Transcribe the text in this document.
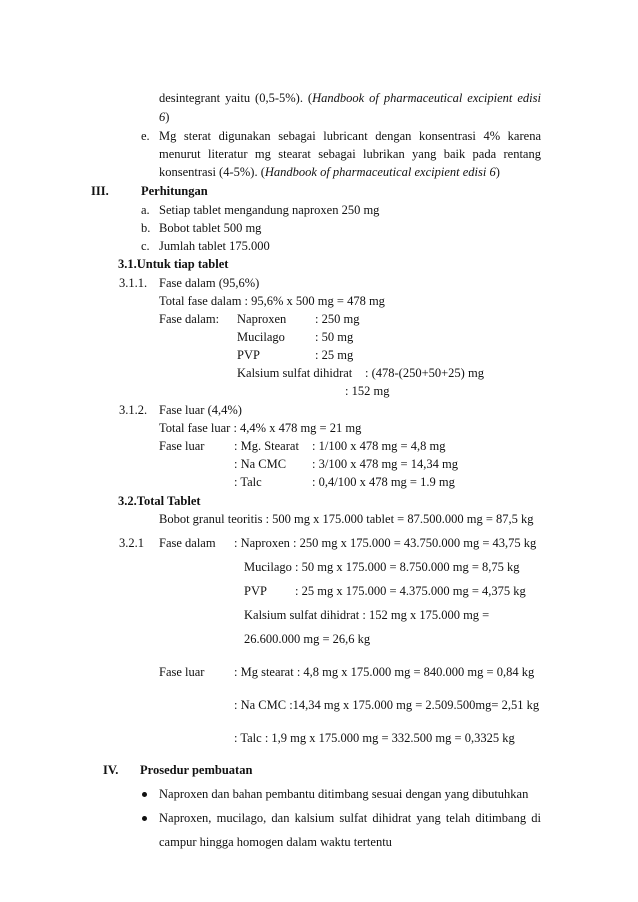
desintegrant yaitu (0,5-5%). (Handbook of pharmaceutical excipient edisi
6)
e. Mg sterat digunakan sebagai lubricant dengan konsentrasi 4% karena
menurut literatur mg stearat sebagai lubrikan yang baik pada rentang
konsentrasi (4-5%). (Handbook of pharmaceutical excipient edisi 6)
III.	Perhitungan
a. Setiap tablet mengandung naproxen 250 mg
b. Bobot tablet 500 mg
c. Jumlah tablet 175.000
3.1.Untuk tiap tablet
3.1.1. Fase dalam (95,6%)
Total fase dalam : 95,6% x 500 mg = 478 mg
Fase dalam: Naproxen : 250 mg
Mucilago : 50 mg
PVP	: 25 mg
Kalsium sulfat dihidrat : (478-(250+50+25) mg
: 152 mg
3.1.2. Fase luar (4,4%)
Total fase luar : 4,4% x 478 mg = 21 mg
Fase luar : Mg. Stearat : 1/100 x 478 mg = 4,8 mg
: Na CMC : 3/100 x 478 mg = 14,34 mg
: Talc	: 0,4/100 x 478 mg = 1.9 mg
3.2.Total Tablet
Bobot granul teoritis : 500 mg x 175.000 tablet = 87.500.000 mg = 87,5 kg
3.2.1 Fase dalam : Naproxen : 250 mg x 175.000 = 43.750.000 mg = 43,75 kg
Mucilago : 50 mg x 175.000 = 8.750.000 mg = 8,75 kg
PVP : 25 mg x 175.000 = 4.375.000 mg = 4,375 kg
Kalsium sulfat dihidrat : 152 mg x 175.000 mg =
26.600.000 mg = 26,6 kg
Fase luar : Mg stearat : 4,8 mg x 175.000 mg = 840.000 mg = 0,84 kg
: Na CMC :14,34 mg x 175.000 mg = 2.509.500mg= 2,51 kg
: Talc : 1,9 mg x 175.000 mg = 332.500 mg = 0,3325 kg
IV. Prosedur pembuatan
Naproxen dan bahan pembantu ditimbang sesuai dengan yang dibutuhkan
Naproxen, mucilago, dan kalsium sulfat dihidrat yang telah ditimbang di
campur hingga homogen dalam waktu tertentu
